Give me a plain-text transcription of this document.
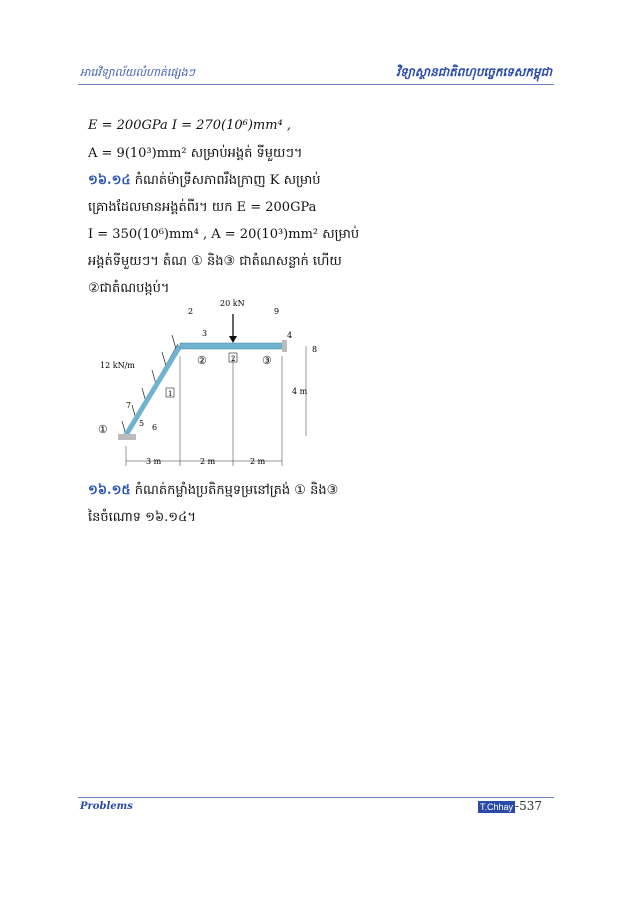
អារេវិទ្យាល័យលំហាត់ផ្សេងៗ	វិទ្យាស្ថានជាតិពហុបច្ចេកទេសកម្ពុជា
E = 200GPa I = 270(10⁶)mm⁴ ,
A = 9(10³)mm² សម្រាប់អង្គត់ ទីមួយៗ។
១៦.១៤ កំណត់ម៉ាទ្រីសភាពរឹងក្រាញ K សម្រាប់
គ្រោងដែលមានអង្គត់ពីរ។ យក E = 200GPa
I = 350(10⁶)mm⁴ , A = 20(10³)mm² សម្រាប់
អង្គត់ទីមួយៗ។ តំណ ① និង③ ជាតំណសន្លាក់ ហើយ
②ជាតំណបង្កប់។
20 kN
12 kN/m
3 m	2 m	2 m
4 m
2
3	4
5 6
7
8
9
①
②	③
1
2
១៦.១៥ កំណត់កម្លាំងប្រតិកម្មទម្រនៅត្រង់ ① និង③
នៃចំណោទ ១៦.១៤។
Problems	T.Chhay -537
